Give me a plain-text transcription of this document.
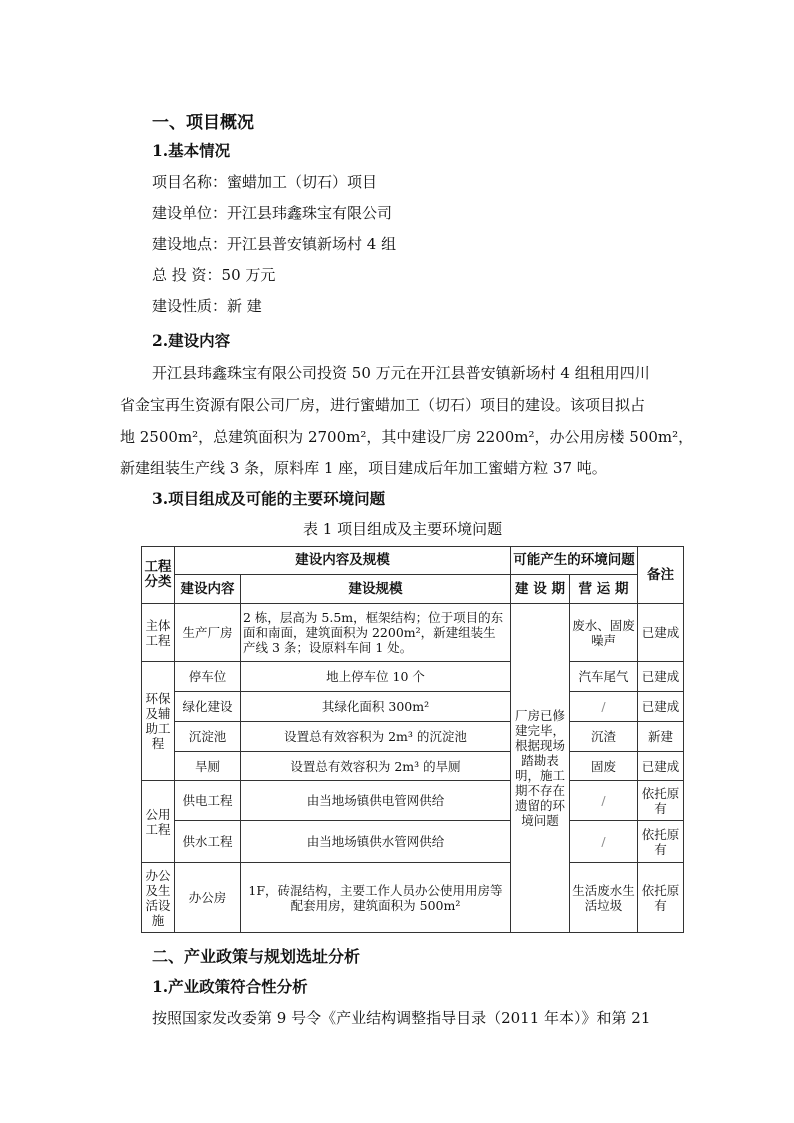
一、项目概况
1.基本情况
项目名称：蜜蜡加工（切石）项目
建设单位：开江县玮鑫珠宝有限公司
建设地点：开江县普安镇新场村 4 组
总 投 资：50 万元
建设性质：新 建
2.建设内容
开江县玮鑫珠宝有限公司投资 50 万元在开江县普安镇新场村 4 组租用四川
省金宝再生资源有限公司厂房，进行蜜蜡加工（切石）项目的建设。该项目拟占
地 2500m²，总建筑面积为 2700m²，其中建设厂房 2200m²，办公用房楼 500m²，
新建组装生产线 3 条，原料库 1 座，项目建成后年加工蜜蜡方粒 37 吨。
3.项目组成及可能的主要环境问题
表 1 项目组成及主要环境问题
工程分类	建设内容及规模		可能产生的环境问题		备注
	建设内容	建设规模	建 设 期	营 运 期	
主体工程	生产厂房	2 栋，层高为 5.5m，框架结构；位于项目的东面和南面，建筑面积为 2200m²，新建组装生产线 3 条；设原料车间 1 处。	厂房已修建完毕，根据现场踏勘表明，施工期不存在遗留的环境问题	废水、固废噪声	已建成
环保及辅助工程	停车位	地上停车位 10 个		汽车尾气	已建成
	绿化建设	其绿化面积 300m²		/	已建成
	沉淀池	设置总有效容积为 2m³ 的沉淀池		沉渣	新建
	旱厕	设置总有效容积为 2m³ 的旱厕		固废	已建成
公用工程	供电工程	由当地场镇供电管网供给		/	依托原有
	供水工程	由当地场镇供水管网供给		/	依托原有
办公及生活设施	办公房	1F，砖混结构，主要工作人员办公使用用房等配套用房，建筑面积为 500m²		生活废水生活垃圾	依托原有
二、产业政策与规划选址分析
1.产业政策符合性分析
按照国家发改委第 9 号令《产业结构调整指导目录（2011 年本）》和第 21
